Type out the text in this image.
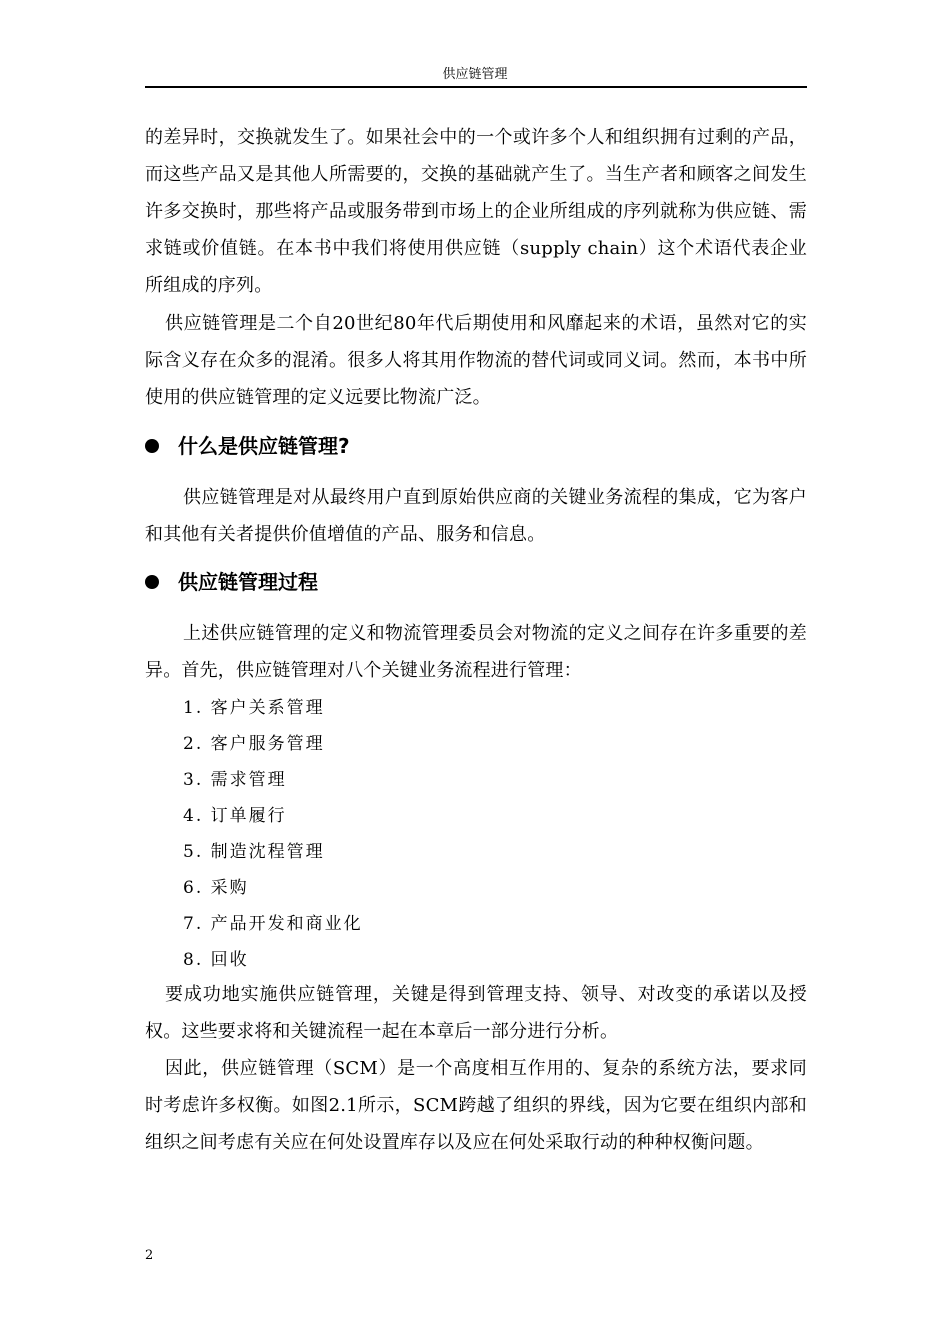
供应链管理

的差异时，交换就发生了。如果社会中的一个或许多个人和组织拥有过剩的产品，而这些产品又是其他人所需要的，交换的基础就产生了。当生产者和顾客之间发生许多交换时，那些将产品或服务带到市场上的企业所组成的序列就称为供应链、需求链或价值链。在本书中我们将使用供应链（supply chain）这个术语代表企业所组成的序列。

供应链管理是二个自20世纪80年代后期使用和风靡起来的术语，虽然对它的实际含义存在众多的混淆。很多人将其用作物流的替代词或同义词。然而，本书中所使用的供应链管理的定义远要比物流广泛。

什么是供应链管理?

供应链管理是对从最终用户直到原始供应商的关键业务流程的集成，它为客户和其他有关者提供价值增值的产品、服务和信息。

供应链管理过程

上述供应链管理的定义和物流管理委员会对物流的定义之间存在许多重要的差异。首先，供应链管理对八个关键业务流程进行管理：

1. 客户关系管理
2. 客户服务管理
3. 需求管理
4. 订单履行
5. 制造沈程管理
6. 采购
7. 产品开发和商业化
8. 回收

要成功地实施供应链管理，关键是得到管理支持、领导、对改变的承诺以及授权。这些要求将和关键流程一起在本章后一部分进行分析。

因此，供应链管理（SCM）是一个高度相互作用的、复杂的系统方法，要求同时考虑许多权衡。如图2.1所示，SCM跨越了组织的界线，因为它要在组织内部和组织之间考虑有关应在何处设置库存以及应在何处采取行动的种种权衡问题。

2
